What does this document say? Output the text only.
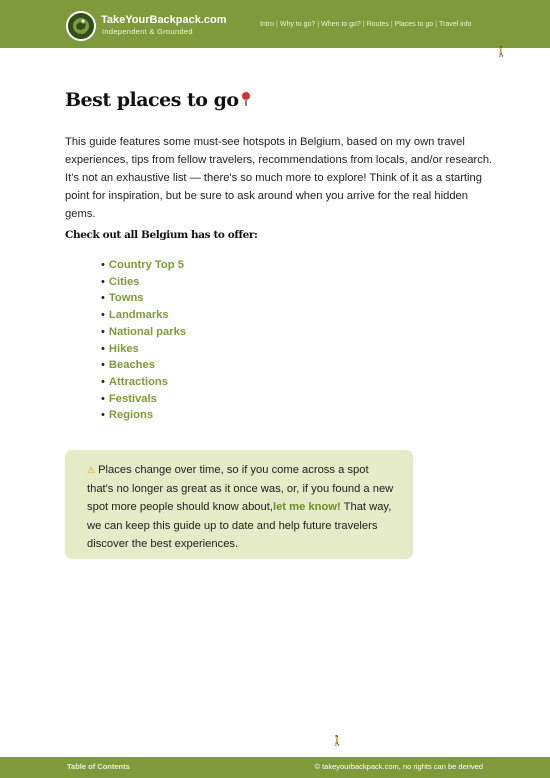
TakeYourBackpack.com
Independent & Grounded
Intro | Why to go? | When to go? | Routes | Places to go | Travel info
🚶
Best places to go

This guide features some must-see hotspots in Belgium, based on my own travel experiences, tips from fellow travelers, recommendations from locals, and/or research. It's not an exhaustive list — there's so much more to explore! Think of it as a starting point for inspiration, but be sure to ask around when you arrive for the real hidden gems.

Check out all Belgium has to offer:

• Country Top 5
• Cities
• Towns
• Landmarks
• National parks
• Hikes
• Beaches
• Attractions
• Festivals
• Regions

⚠ Places change over time, so if you come across a spot that's no longer as great as it once was, or, if you found a new spot more people should know about,let me know! That way, we can keep this guide up to date and help future travelers discover the best experiences.

🚶
Table of Contents	© takeyourbackpack.com, no rights can be derived
